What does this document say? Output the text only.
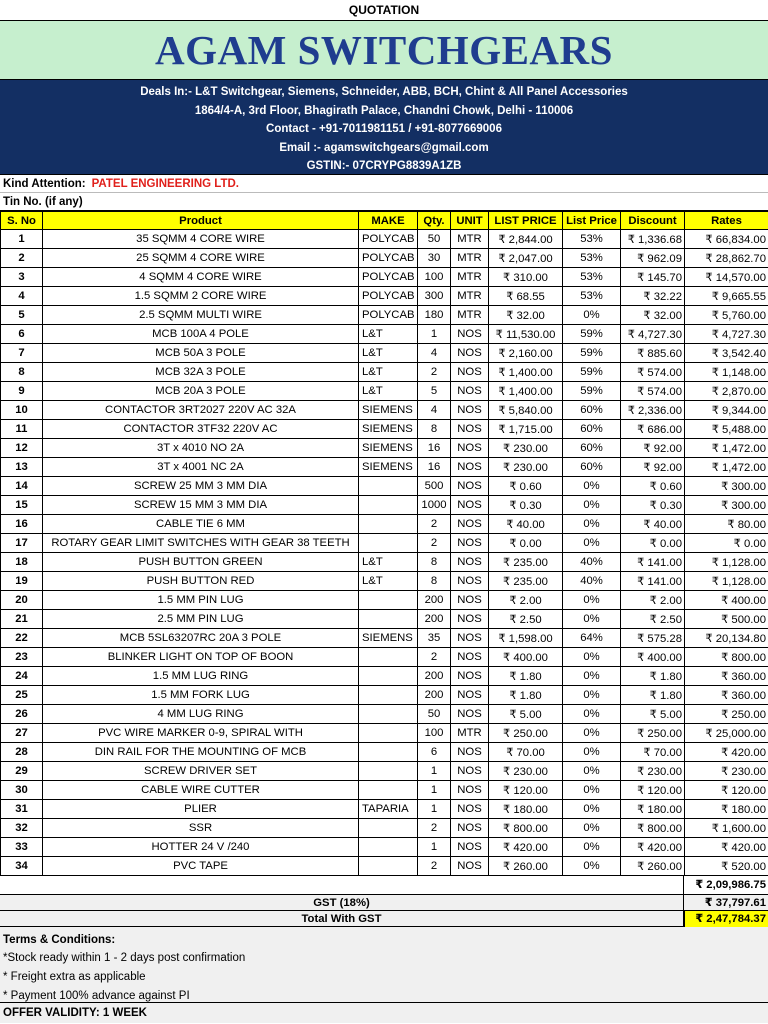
QUOTATION
AGAM SWITCHGEARS
Deals In:- L&T Switchgear, Siemens, Schneider, ABB, BCH, Chint & All Panel Accessories
1864/4-A, 3rd Floor, Bhagirath Palace, Chandni Chowk, Delhi - 110006
Contact - +91-7011981151 / +91-8077669006
Email :- agamswitchgears@gmail.com
GSTIN:- 07CRYPG8839A1ZB
Kind Attention: PATEL ENGINEERING LTD.
Tin No. (if any)
S. No	Product	MAKE	Qty.	UNIT	LIST PRICE	List Price	Discount	Rates
1	35 SQMM 4 CORE WIRE	POLYCAB	50	MTR	₹ 2,844.00	53%	₹ 1,336.68	₹ 66,834.00
2	25 SQMM 4 CORE WIRE	POLYCAB	30	MTR	₹ 2,047.00	53%	₹ 962.09	₹ 28,862.70
3	4 SQMM 4 CORE WIRE	POLYCAB	100	MTR	₹ 310.00	53%	₹ 145.70	₹ 14,570.00
4	1.5 SQMM 2 CORE WIRE	POLYCAB	300	MTR	₹ 68.55	53%	₹ 32.22	₹ 9,665.55
5	2.5 SQMM MULTI WIRE	POLYCAB	180	MTR	₹ 32.00	0%	₹ 32.00	₹ 5,760.00
6	MCB 100A 4 POLE	L&T	1	NOS	₹ 11,530.00	59%	₹ 4,727.30	₹ 4,727.30
7	MCB 50A 3 POLE	L&T	4	NOS	₹ 2,160.00	59%	₹ 885.60	₹ 3,542.40
8	MCB 32A 3 POLE	L&T	2	NOS	₹ 1,400.00	59%	₹ 574.00	₹ 1,148.00
9	MCB 20A 3 POLE	L&T	5	NOS	₹ 1,400.00	59%	₹ 574.00	₹ 2,870.00
10	CONTACTOR 3RT2027 220V AC 32A	SIEMENS	4	NOS	₹ 5,840.00	60%	₹ 2,336.00	₹ 9,344.00
11	CONTACTOR 3TF32 220V AC	SIEMENS	8	NOS	₹ 1,715.00	60%	₹ 686.00	₹ 5,488.00
12	3T x 4010 NO 2A	SIEMENS	16	NOS	₹ 230.00	60%	₹ 92.00	₹ 1,472.00
13	3T x 4001 NC 2A	SIEMENS	16	NOS	₹ 230.00	60%	₹ 92.00	₹ 1,472.00
14	SCREW 25 MM 3 MM DIA		500	NOS	₹ 0.60	0%	₹ 0.60	₹ 300.00
15	SCREW 15 MM 3 MM DIA		1000	NOS	₹ 0.30	0%	₹ 0.30	₹ 300.00
16	CABLE TIE 6 MM		2	NOS	₹ 40.00	0%	₹ 40.00	₹ 80.00
17	ROTARY GEAR LIMIT SWITCHES WITH GEAR 38 TEETH		2	NOS	₹ 0.00	0%	₹ 0.00	₹ 0.00
18	PUSH BUTTON GREEN	L&T	8	NOS	₹ 235.00	40%	₹ 141.00	₹ 1,128.00
19	PUSH BUTTON RED	L&T	8	NOS	₹ 235.00	40%	₹ 141.00	₹ 1,128.00
20	1.5 MM PIN LUG		200	NOS	₹ 2.00	0%	₹ 2.00	₹ 400.00
21	2.5 MM PIN LUG		200	NOS	₹ 2.50	0%	₹ 2.50	₹ 500.00
22	MCB 5SL63207RC 20A 3 POLE	SIEMENS	35	NOS	₹ 1,598.00	64%	₹ 575.28	₹ 20,134.80
23	BLINKER LIGHT ON TOP OF BOON		2	NOS	₹ 400.00	0%	₹ 400.00	₹ 800.00
24	1.5 MM LUG RING		200	NOS	₹ 1.80	0%	₹ 1.80	₹ 360.00
25	1.5 MM FORK LUG		200	NOS	₹ 1.80	0%	₹ 1.80	₹ 360.00
26	4 MM LUG RING		50	NOS	₹ 5.00	0%	₹ 5.00	₹ 250.00
27	PVC WIRE MARKER 0-9, SPIRAL WITH		100	MTR	₹ 250.00	0%	₹ 250.00	₹ 25,000.00
28	DIN RAIL FOR THE MOUNTING OF MCB		6	NOS	₹ 70.00	0%	₹ 70.00	₹ 420.00
29	SCREW DRIVER SET		1	NOS	₹ 230.00	0%	₹ 230.00	₹ 230.00
30	CABLE WIRE CUTTER		1	NOS	₹ 120.00	0%	₹ 120.00	₹ 120.00
31	PLIER	TAPARIA	1	NOS	₹ 180.00	0%	₹ 180.00	₹ 180.00
32	SSR		2	NOS	₹ 800.00	0%	₹ 800.00	₹ 1,600.00
33	HOTTER 24 V /240		1	NOS	₹ 420.00	0%	₹ 420.00	₹ 420.00
34	PVC TAPE		2	NOS	₹ 260.00	0%	₹ 260.00	₹ 520.00
₹ 2,09,986.75
GST (18%)	₹ 37,797.61
Total With GST	₹ 2,47,784.37
Terms & Conditions:
*Stock ready within 1 - 2 days post confirmation
* Freight extra as applicable
* Payment 100% advance against PI
OFFER VALIDITY: 1 WEEK
